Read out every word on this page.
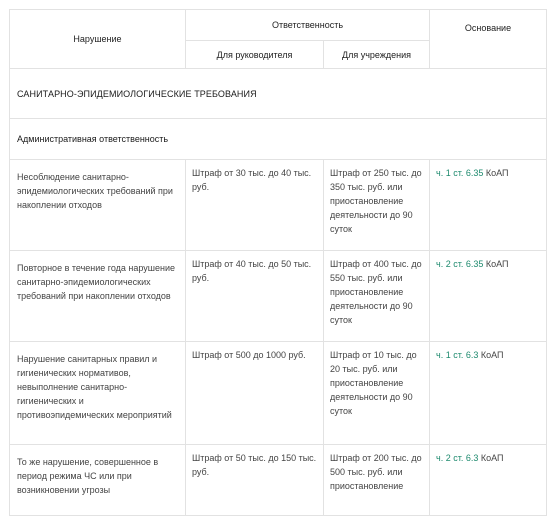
Нарушение	Ответственность		Основание
	Для руководителя	Для учреждения	
САНИТАРНО-ЭПИДЕМИОЛОГИЧЕСКИЕ ТРЕБОВАНИЯ			
Административная ответственность			
Несоблюдение санитарно-эпидемиологических требований при накоплении отходов	Штраф от 30 тыс. до 40 тыс. руб.	Штраф от 250 тыс. до 350 тыс. руб. или приостановление деятельности до 90 суток	ч. 1 ст. 6.35 КоАП
Повторное в течение года нарушение санитарно-эпидемиологических требований при накоплении отходов	Штраф от 40 тыс. до 50 тыс. руб.	Штраф от 400 тыс. до 550 тыс. руб. или приостановление деятельности до 90 суток	ч. 2 ст. 6.35 КоАП
Нарушение санитарных правил и гигиенических нормативов, невыполнение санитарно-гигиенических и противоэпидемических мероприятий	Штраф от 500 до 1000 руб.	Штраф от 10 тыс. до 20 тыс. руб. или приостановление деятельности до 90 суток	ч. 1 ст. 6.3 КоАП
То же нарушение, совершенное в период режима ЧС или при возникновении угрозы	Штраф от 50 тыс. до 150 тыс. руб.	Штраф от 200 тыс. до 500 тыс. руб. или приостановление	ч. 2 ст. 6.3 КоАП
